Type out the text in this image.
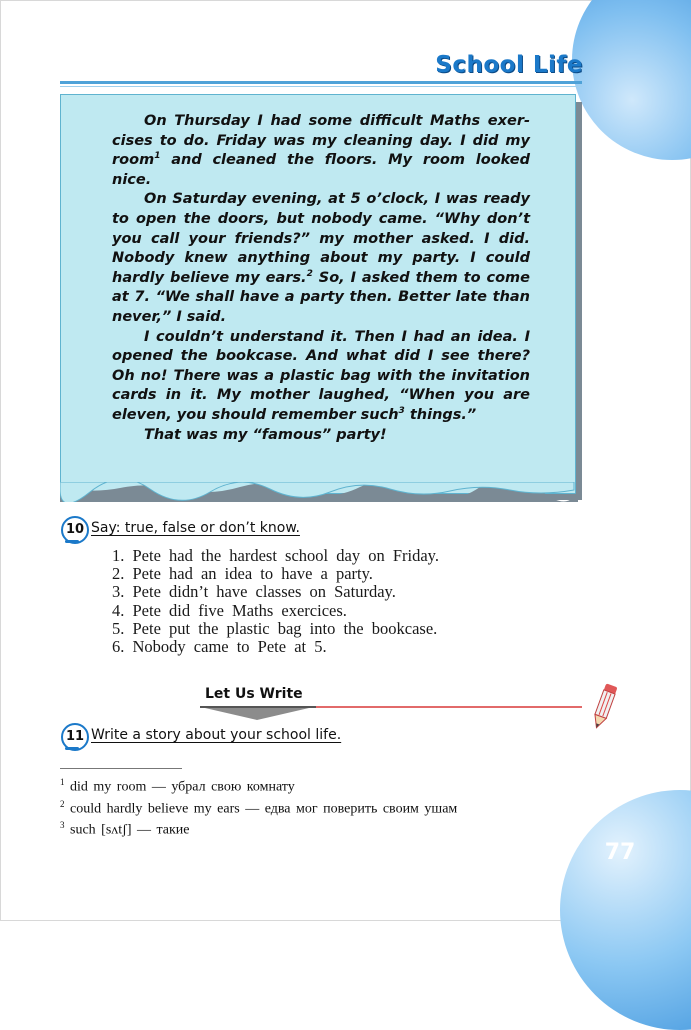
School Life

On Thursday I had some difficult Maths exercises to do. Friday was my cleaning day. I did my room$^1$ and cleaned the floors. My room looked nice.

On Saturday evening, at 5 o’clock, I was ready to open the doors, but nobody came. “Why don’t you call your friends?” my mother asked. I did. Nobody knew anything about my party. I could hardly believe my ears.$^2$ So, I asked them to come at 7. “We shall have a party then. Better late than never,” I said.

I couldn’t understand it. Then I had an idea. I opened the bookcase. And what did I see there? Oh no! There was a plastic bag with the invitation cards in it. My mother laughed, “When you are eleven, you should remember such$^3$ things.”

That was my “famous” party!

10 Say: true, false or don’t know.
1. Pete had the hardest school day on Friday.
2. Pete had an idea to have a party.
3. Pete didn’t have classes on Saturday.
4. Pete did five Maths exercices.
5. Pete put the plastic bag into the bookcase.
6. Nobody came to Pete at 5.
Let Us Write
11 Write a story about your school life.
$^1$ did my room — убрал свою комнату
$^2$ could hardly believe my ears — едва мог поверить своим ушам
$^3$ such [sʌtʃ] — такие
77
